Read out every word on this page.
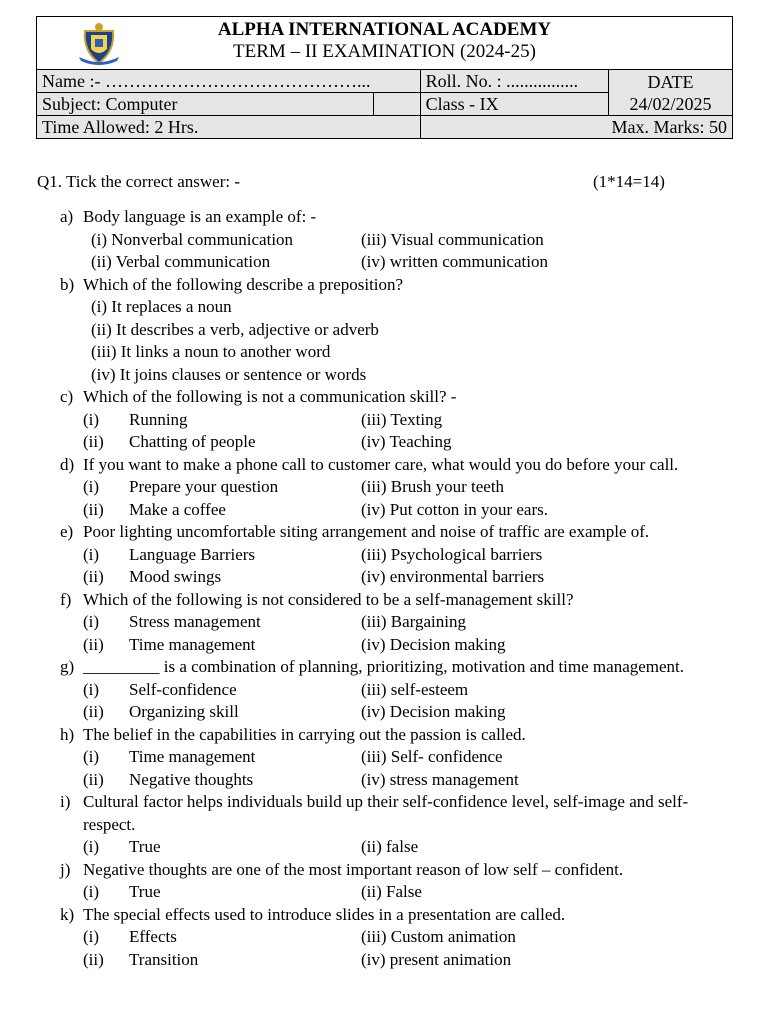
ALPHA INTERNATIONAL ACADEMY
TERM – II EXAMINATION (2024-25)
Name :- ……………………………………...		Roll. No. : ................	DATE
24/02/2025

Subject: Computer		Class - IX	
Time Allowed: 2 Hrs.		Max. Marks: 50	
Q1. Tick the correct answer: -	(1*14=14)
a) Body language is an example of: -
(i) Nonverbal communication	(iii) Visual communication
(ii) Verbal communication	(iv) written communication
b) Which of the following describe a preposition?
(i) It replaces a noun
(ii) It describes a verb, adjective or adverb
(iii) It links a noun to another word
(iv) It joins clauses or sentence or words
c) Which of the following is not a communication skill? -
(i) Running	(iii) Texting
(ii) Chatting of people	(iv) Teaching
d) If you want to make a phone call to customer care, what would you do before your call.
(i) Prepare your question	(iii) Brush your teeth
(ii) Make a coffee	(iv) Put cotton in your ears.
e) Poor lighting uncomfortable siting arrangement and noise of traffic are example of.
(i) Language Barriers	(iii) Psychological barriers
(ii) Mood swings	(iv) environmental barriers
f) Which of the following is not considered to be a self-management skill?
(i) Stress management	(iii) Bargaining
(ii) Time management	(iv) Decision making
g) _________ is a combination of planning, prioritizing, motivation and time management.
(i) Self-confidence	(iii) self-esteem
(ii) Organizing skill	(iv) Decision making
h) The belief in the capabilities in carrying out the passion is called.
(i) Time management	(iii) Self- confidence
(ii) Negative thoughts	(iv) stress management
i) Cultural factor helps individuals build up their self-confidence level, self-image and self-
respect.
(i) True	(ii) false
j) Negative thoughts are one of the most important reason of low self – confident.
(i) True	(ii) False
k) The special effects used to introduce slides in a presentation are called.
(i) Effects	(iii) Custom animation
(ii) Transition	(iv) present animation
